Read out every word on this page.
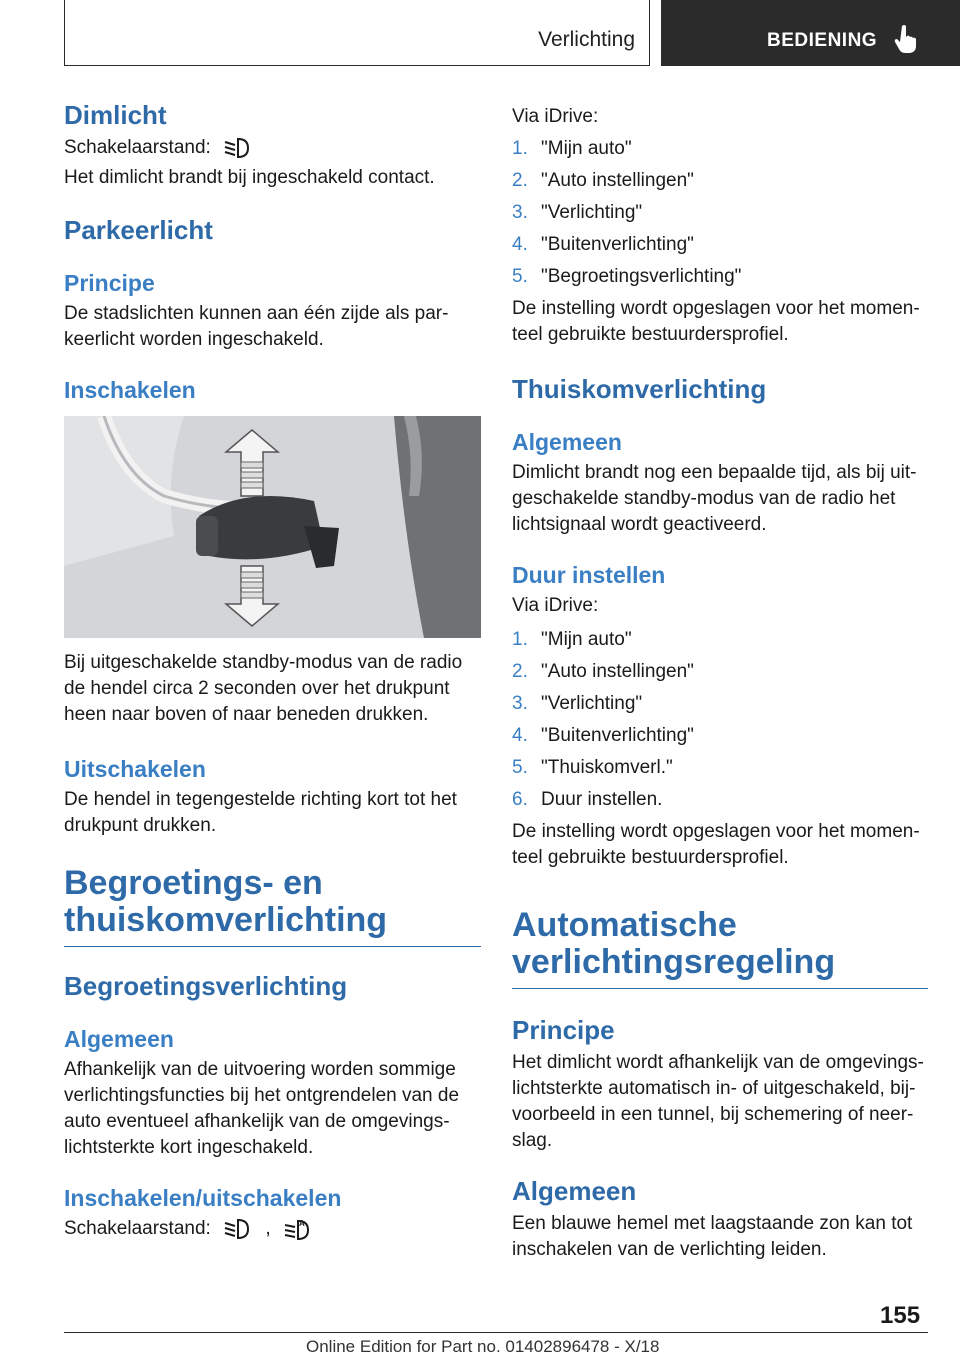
Verlichting	BEDIENING
Dimlicht
Schakelaarstand:
Het dimlicht brandt bij ingeschakeld contact.
Parkeerlicht
Principe
De stadslichten kunnen aan één zijde als par-
keerlicht worden ingeschakeld.
Inschakelen
Bij uitgeschakelde standby-modus van de radio
de hendel circa 2 seconden over het drukpunt
heen naar boven of naar beneden drukken.
Uitschakelen
De hendel in tegengestelde richting kort tot het
drukpunt drukken.
Begroetings- en
thuiskomverlichting
Begroetingsverlichting
Algemeen
Afhankelijk van de uitvoering worden sommige
verlichtingsfuncties bij het ontgrendelen van de
auto eventueel afhankelijk van de omgevings-
lichtsterkte kort ingeschakeld.
Inschakelen/uitschakelen
Schakelaarstand:	,	A
Via iDrive:
1. "Mijn auto"
2. "Auto instellingen"
3. "Verlichting"
4. "Buitenverlichting"
5. "Begroetingsverlichting"
De instelling wordt opgeslagen voor het momen-
teel gebruikte bestuurdersprofiel.
Thuiskomverlichting
Algemeen
Dimlicht brandt nog een bepaalde tijd, als bij uit-
geschakelde standby-modus van de radio het
lichtsignaal wordt geactiveerd.
Duur instellen
Via iDrive:
1. "Mijn auto"
2. "Auto instellingen"
3. "Verlichting"
4. "Buitenverlichting"
5. "Thuiskomverl."
6. Duur instellen.
De instelling wordt opgeslagen voor het momen-
teel gebruikte bestuurdersprofiel.
Automatische
verlichtingsregeling
Principe
Het dimlicht wordt afhankelijk van de omgevings-
lichtsterkte automatisch in- of uitgeschakeld, bij-
voorbeeld in een tunnel, bij schemering of neer-
slag.
Algemeen
Een blauwe hemel met laagstaande zon kan tot
inschakelen van de verlichting leiden.
155
Online Edition for Part no. 01402896478 - X/18
